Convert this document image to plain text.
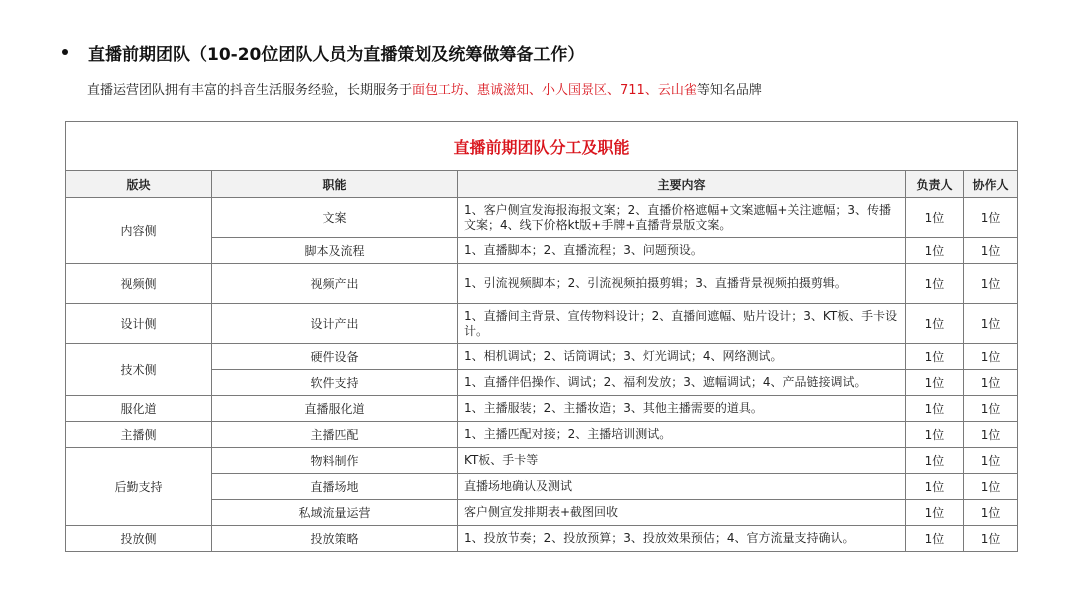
直播前期团队（10-20位团队人员为直播策划及统筹做筹备工作）
直播运营团队拥有丰富的抖音生活服务经验，长期服务于面包工坊、惠诚滋知、小人国景区、711、云山雀等知名品牌
直播前期团队分工及职能				
版块	职能	主要内容	负责人	协作人
内容侧	文案	1、客户侧宣发海报海报文案；2、直播价格遮幅+文案遮幅+关注遮幅；3、传播文案；4、线下价格kt版+手牌+直播背景版文案。	1位	1位
	脚本及流程	1、直播脚本；2、直播流程；3、问题预设。	1位	1位
视频侧	视频产出	1、引流视频脚本；2、引流视频拍摄剪辑；3、直播背景视频拍摄剪辑。	1位	1位
设计侧	设计产出	1、直播间主背景、宣传物料设计；2、直播间遮幅、贴片设计；3、KT板、手卡设计。	1位	1位
技术侧	硬件设备	1、相机调试；2、话筒调试；3、灯光调试；4、网络测试。	1位	1位
	软件支持	1、直播伴侣操作、调试；2、福利发放；3、遮幅调试；4、产品链接调试。	1位	1位
服化道	直播服化道	1、主播服装；2、主播妆造；3、其他主播需要的道具。	1位	1位
主播侧	主播匹配	1、主播匹配对接；2、主播培训测试。	1位	1位
后勤支持	物料制作	KT板、手卡等	1位	1位
	直播场地	直播场地确认及测试	1位	1位
	私域流量运营	客户侧宣发排期表+截图回收	1位	1位
投放侧	投放策略	1、投放节奏；2、投放预算；3、投放效果预估；4、官方流量支持确认。	1位	1位
